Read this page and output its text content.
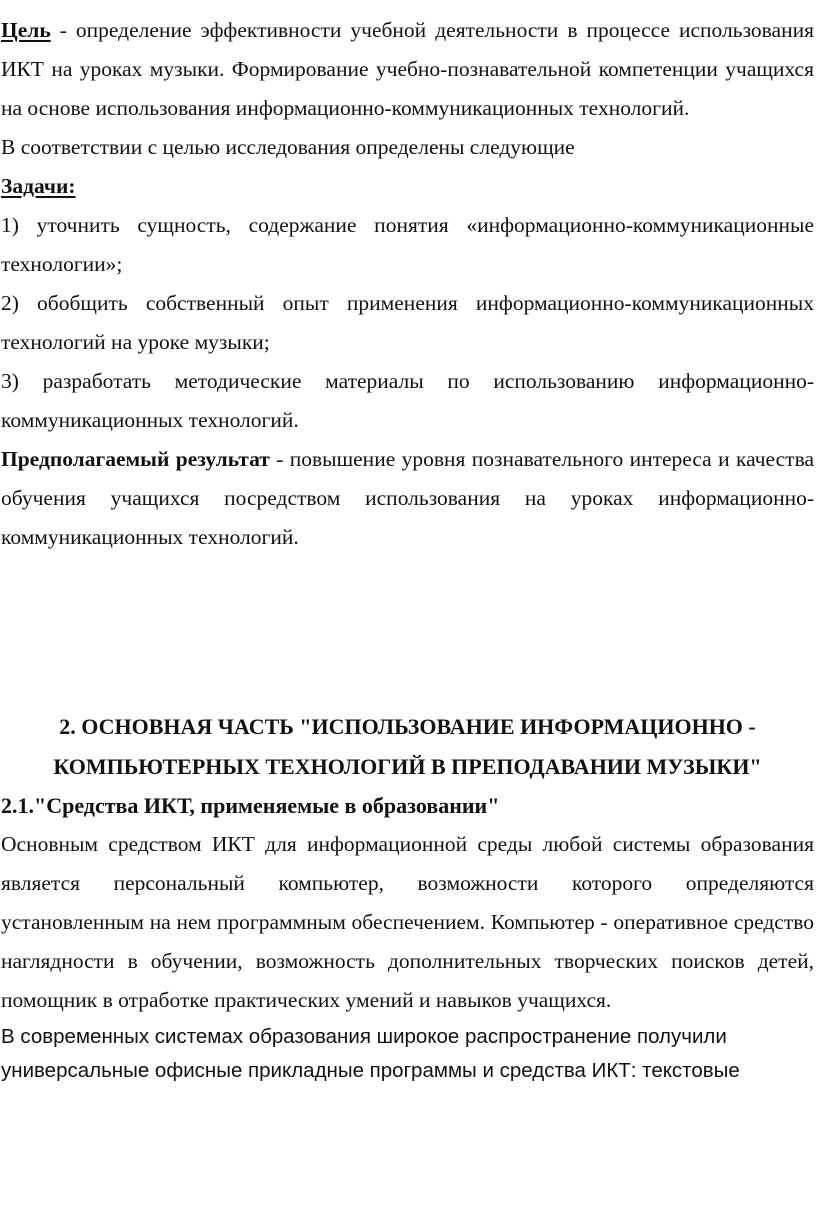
Цель - определение эффективности учебной деятельности в процессе использования ИКТ на уроках музыки. Формирование учебно-познавательной компетенции учащихся на основе использования информационно-коммуникационных технологий.

В соответствии с целью исследования определены следующие

Задачи:

1) уточнить сущность, содержание понятия «информационно-коммуникационные технологии»;

2) обобщить собственный опыт применения информационно-коммуникационных технологий на уроке музыки;

3) разработать методические материалы по использованию информационно-коммуникационных технологий.

Предполагаемый результат - повышение уровня познавательного интереса и качества обучения учащихся посредством использования на уроках информационно-коммуникационных технологий.

2. ОСНОВНАЯ ЧАСТЬ "ИСПОЛЬЗОВАНИЕ ИНФОРМАЦИОННО -

КОМПЬЮТЕРНЫХ ТЕХНОЛОГИЙ В ПРЕПОДАВАНИИ МУЗЫКИ"

2.1."Средства ИКТ, применяемые в образовании"

Основным средством ИКТ для информационной среды любой системы образования является персональный компьютер, возможности которого определяются установленным на нем программным обеспечением. Компьютер - оперативное средство наглядности в обучении, возможность дополнительных творческих поисков детей, помощник в отработке практических умений и навыков учащихся.

В современных системах образования широкое распространение получили универсальные офисные прикладные программы и средства ИКТ: текстовые
